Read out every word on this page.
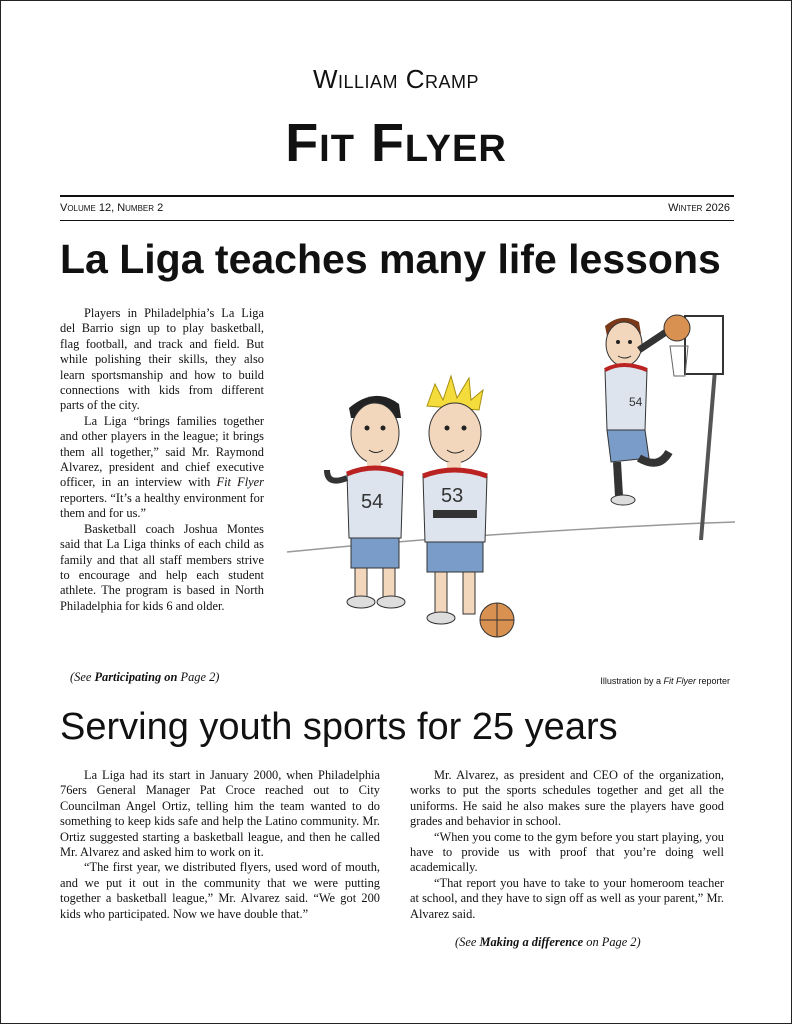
William Cramp
Fit Flyer
Volume 12, Number 2	Winter 2026
La Liga teaches many life lessons

Players in Philadelphia’s La Liga del Barrio sign up to play basketball, flag football, and track and field. But while polishing their skills, they also learn sportsmanship and how to build connections with kids from different parts of the city.

La Liga “brings families together and other players in the league; it brings them all together,” said Mr. Raymond Alvarez, president and chief executive officer, in an interview with Fit Flyer reporters. “It’s a healthy environment for them and for us.”

Basketball coach Joshua Montes said that La Liga thinks of each child as family and that all staff members strive to encourage and help each student athlete. The program is based in North Philadelphia for kids 6 and older.

(See Participating on Page 2)
54	53
54
Illustration by a Fit Flyer reporter
Serving youth sports for 25 years

La Liga had its start in January 2000, when Philadelphia 76ers General Manager Pat Croce reached out to City Councilman Angel Ortiz, telling him the team wanted to do something to keep kids safe and help the Latino community. Mr. Ortiz suggested starting a basketball league, and then he called Mr. Alvarez and asked him to work on it.

“The first year, we distributed flyers, used word of mouth, and we put it out in the community that we were putting together a basketball league,” Mr. Alvarez said. “We got 200 kids who participated. Now we have double that.”

Mr. Alvarez, as president and CEO of the organization, works to put the sports schedules together and get all the uniforms. He said he also makes sure the players have good grades and behavior in school.

“When you come to the gym before you start playing, you have to provide us with proof that you’re doing well academically.

“That report you have to take to your homeroom teacher at school, and they have to sign off as well as your parent,” Mr. Alvarez said.

(See Making a difference on Page 2)
